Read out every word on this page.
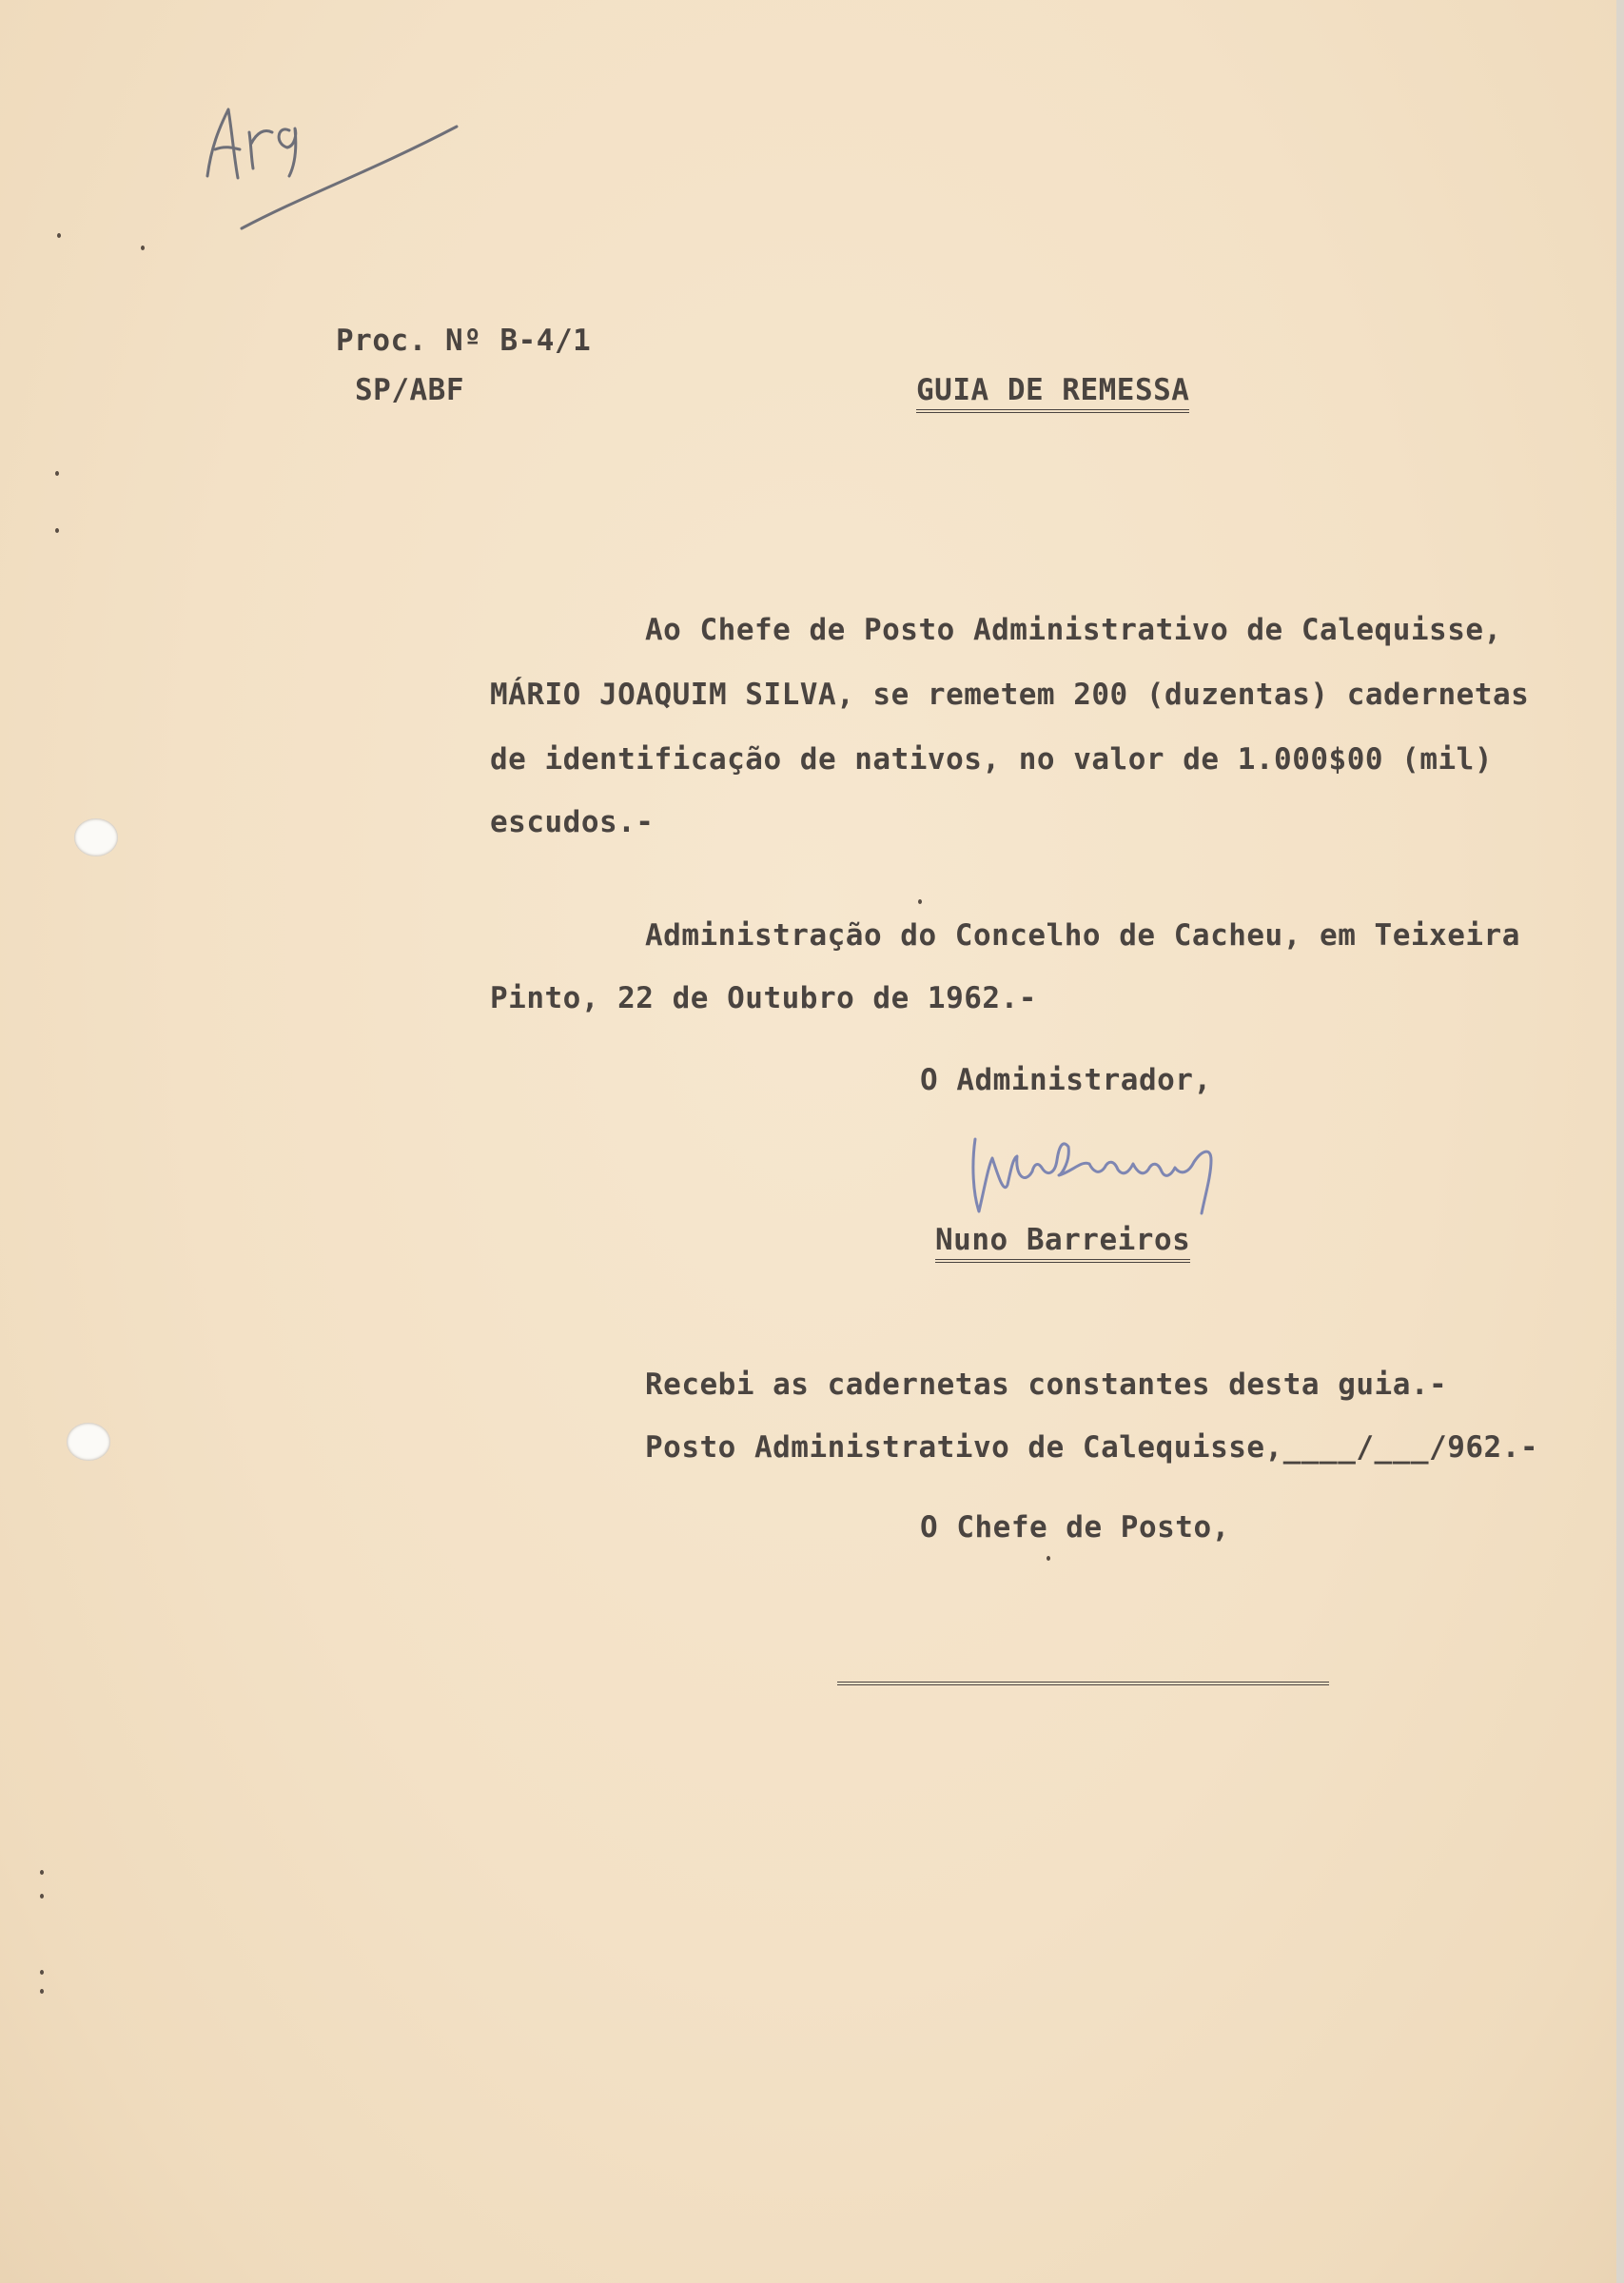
Arq
Proc. Nº B-4/1
SP/ABF	GUIA DE REMESSA
Ao Chefe de Posto Administrativo de Calequisse,
MÁRIO JOAQUIM SILVA, se remetem 200 (duzentas) cadernetas
de identificação de nativos, no valor de 1.000$00 (mil)
escudos.-
Administração do Concelho de Cacheu, em Teixeira
Pinto, 22 de Outubro de 1962.-
O Administrador,
NuBarreiros
Nuno Barreiros
Recebi as cadernetas constantes desta guia.-
Posto Administrativo de Calequisse,____/___/962.-
O Chefe de Posto,
